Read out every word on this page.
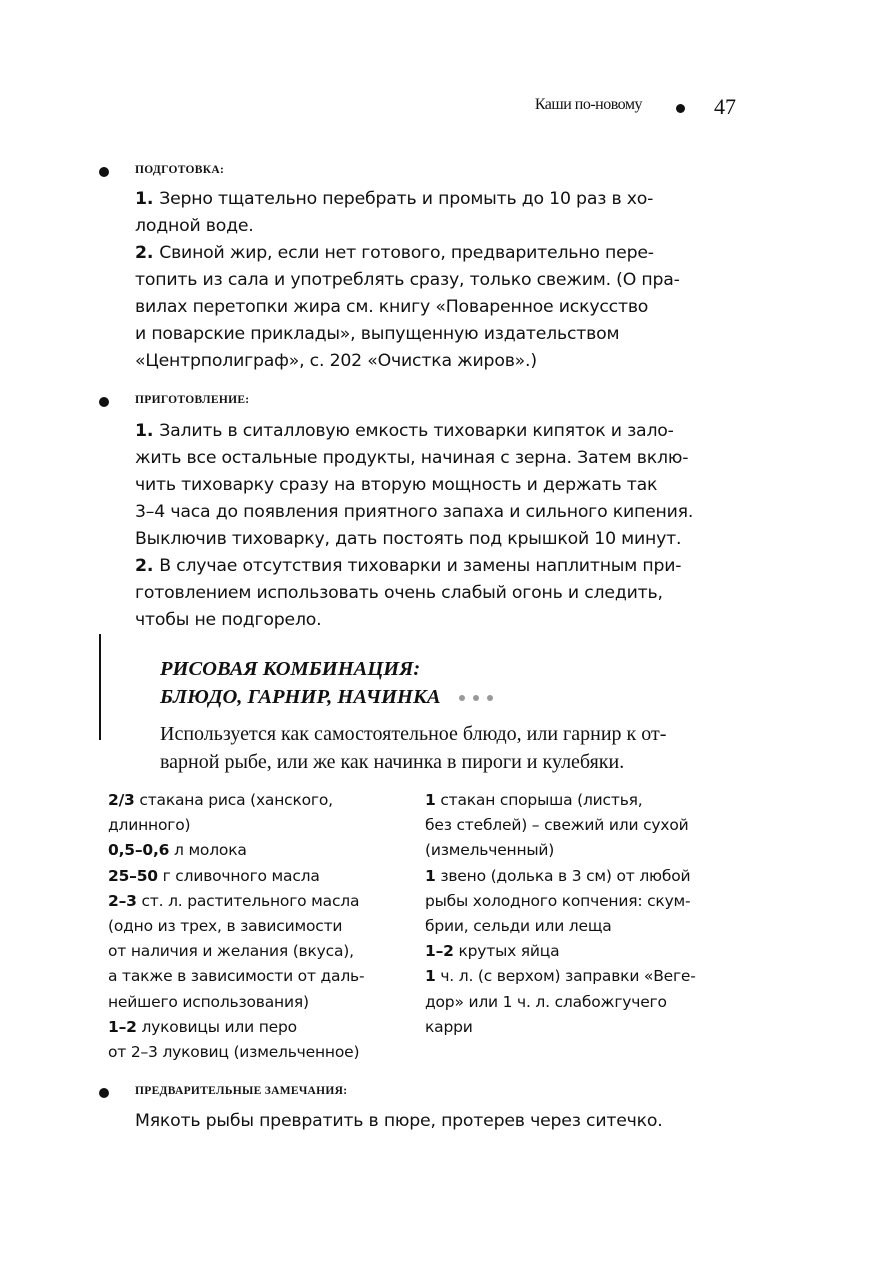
Каши по-новому	47
ПОДГОТОВКА:
1. Зерно тщательно перебрать и промыть до 10 раз в хо-
лодной воде.
2. Свиной жир, если нет готового, предварительно пере-
топить из сала и употреблять сразу, только свежим. (О пра-
вилах перетопки жира см. книгу «Поваренное искусство
и поварские приклады», выпущенную издательством
«Центрполиграф», с. 202 «Очистка жиров».)
ПРИГОТОВЛЕНИЕ:
1. Залить в ситалловую емкость тиховарки кипяток и зало-
жить все остальные продукты, начиная с зерна. Затем вклю-
чить тиховарку сразу на вторую мощность и держать так
3–4 часа до появления приятного запаха и сильного кипения.
Выключив тиховарку, дать постоять под крышкой 10 минут.
2. В случае отсутствия тиховарки и замены наплитным при-
готовлением использовать очень слабый огонь и следить,
чтобы не подгорело.
РИСОВАЯ КОМБИНАЦИЯ:
БЛЮДО, ГАРНИР, НАЧИНКА
Используется как самостоятельное блюдо, или гарнир к от-
варной рыбе, или же как начинка в пироги и кулебяки.
2/3 стакана риса (ханского,
длинного)
0,5–0,6 л молока
25–50 г сливочного масла
2–3 ст. л. растительного масла
(одно из трех, в зависимости
от наличия и желания (вкуса),
а также в зависимости от даль-
нейшего использования)
1–2 луковицы или перо
от 2–3 луковиц (измельченное)
1 стакан спорыша (листья,
без стеблей) – свежий или сухой
(измельченный)
1 звено (долька в 3 см) от любой
рыбы холодного копчения: скум-
брии, сельди или леща
1–2 крутых яйца
1 ч. л. (с верхом) заправки «Веге-
дор» или 1 ч. л. слабожгучего
карри
ПРЕДВАРИТЕЛЬНЫЕ ЗАМЕЧАНИЯ:
Мякоть рыбы превратить в пюре, протерев через ситечко.
